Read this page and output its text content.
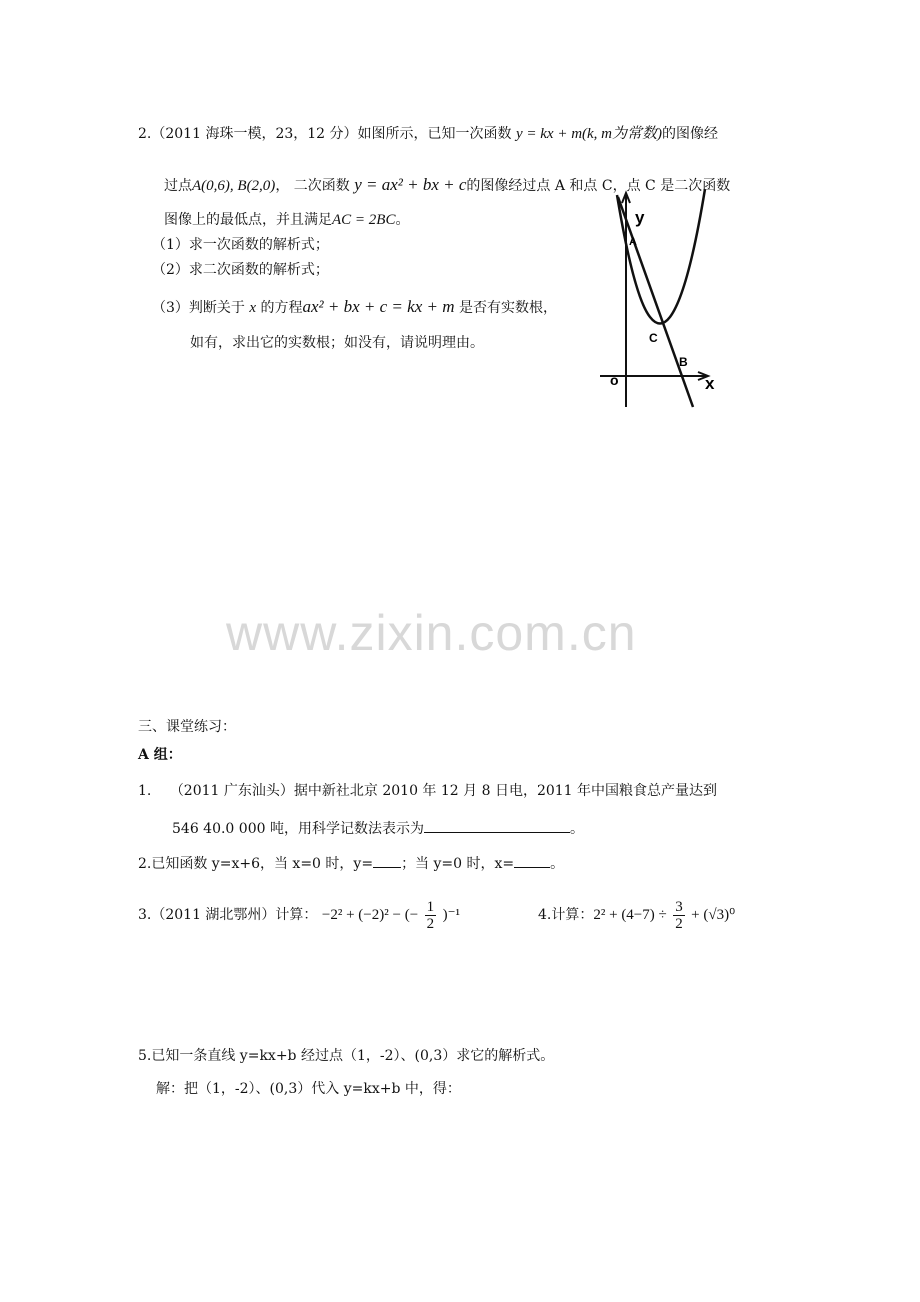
2.（2011 海珠一模，23，12 分）如图所示，已知一次函数 y = kx + m(k, m为常数)的图像经
过点A(0,6), B(2,0)， 二次函数 y = ax² + bx + c的图像经过点 A 和点 C，点 C 是二次函数
图像上的最低点，并且满足AC = 2BC。
（1）求一次函数的解析式；
（2）求二次函数的解析式；
（3）判断关于 x 的方程ax² + bx + c = kx + m 是否有实数根，
如有，求出它的实数根；如没有，请说明理由。
y
A
C
B
o	x
www.zixin.com.cn
三、课堂练习：
A 组：
1. （2011 广东汕头）据中新社北京 2010 年 12 月 8 日电，2011 年中国粮食总产量达到
546 40.0 000 吨，用科学记数法表示为	。
2.已知函数 y=x+6，当 x=0 时，y= ；当 y=0 时，x=	。
3.（2011 湖北鄂州）计算： −2² + (−2)² − (− $\frac{1}{2} )^{-1}$	4.计算：$2^2 + (4-7) \div \frac{3}{2} + (√3)^0$
5.已知一条直线 y=kx+b 经过点（1，-2）、(0,3）求它的解析式。
解：把（1，-2）、(0,3）代入 y=kx+b 中，得：
